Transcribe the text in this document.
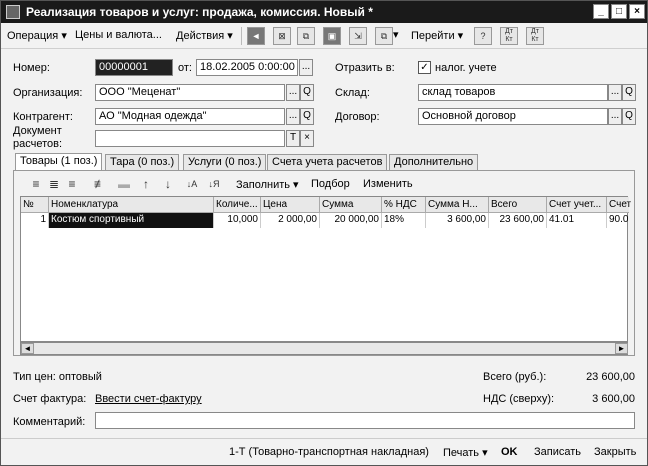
Реализация товаров и услуг: продажа, комиссия. Новый *	_	□	×
Операция ▾ Цены и валюта... Действия ▾	◄	⊠	⧉	▣	⇲	⧉ ▾ Перейти ▾	?	Дт Кт
Дт Кт
Номер:	00000001	от: 18.02.2005 0:00:00 ... Отразить в:	✓ налог. учете
Организация:	ООО "Меценат"	... Q Склад:	склад товаров	... Q
Контрагент:	АО "Модная одежда"	... Q Договор:	Основной договор	... Q
Документ
расчетов:
T ×
Товары (1 поз.)	Тара (0 поз.)	Услуги (0 поз.) Счета учета расчетов	Дополнительно
≡ ≣ ≡	≢ ▬	↑	↓	↓A	↓Я Заполнить ▾ Подбор Изменить
№	Номенклатура	Количе... Цена	Сумма	% НДС	Сумма Н...	Всего	Счет учет... Счет
1 Костюм спортивный	10,000	2 000,00	20 000,00 18%	3 600,00	23 600,00 41.01	90.0
◄	►
Тип цен: оптовый	Всего (руб.):	23 600,00
Счет фактура: Ввести счет-фактуру	НДС (сверху):	3 600,00
Комментарий:
1-Т (Товарно-транспортная накладная) Печать ▾ OK Записать Закрыть
